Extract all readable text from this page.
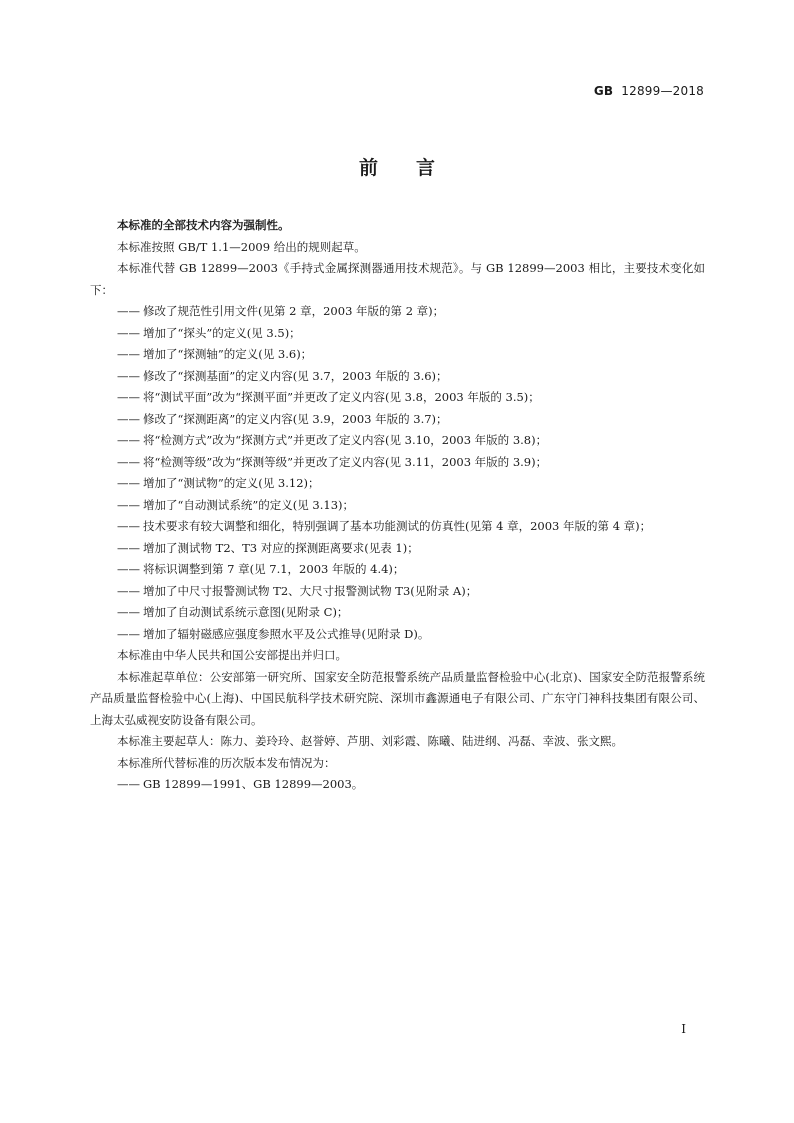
GB 12899—2018
前 言

本标准的全部技术内容为强制性。

本标准按照 GB/T 1.1—2009 给出的规则起草。

本标准代替 GB 12899—2003《手持式金属探测器通用技术规范》。与 GB 12899—2003 相比，主要技术变化如下：

—— 修改了规范性引用文件(见第 2 章，2003 年版的第 2 章)；

—— 增加了“探头”的定义(见 3.5)；

—— 增加了“探测轴”的定义(见 3.6)；

—— 修改了“探测基面”的定义内容(见 3.7，2003 年版的 3.6)；

—— 将“测试平面”改为“探测平面”并更改了定义内容(见 3.8，2003 年版的 3.5)；

—— 修改了“探测距离”的定义内容(见 3.9，2003 年版的 3.7)；

—— 将“检测方式”改为“探测方式”并更改了定义内容(见 3.10，2003 年版的 3.8)；

—— 将“检测等级”改为“探测等级”并更改了定义内容(见 3.11，2003 年版的 3.9)；

—— 增加了“测试物”的定义(见 3.12)；

—— 增加了“自动测试系统”的定义(见 3.13)；

—— 技术要求有较大调整和细化，特别强调了基本功能测试的仿真性(见第 4 章，2003 年版的第 4 章)；

—— 增加了测试物 T2、T3 对应的探测距离要求(见表 1)；

—— 将标识调整到第 7 章(见 7.1，2003 年版的 4.4)；

—— 增加了中尺寸报警测试物 T2、大尺寸报警测试物 T3(见附录 A)；

—— 增加了自动测试系统示意图(见附录 C)；

—— 增加了辐射磁感应强度参照水平及公式推导(见附录 D)。

本标准由中华人民共和国公安部提出并归口。

本标准起草单位：公安部第一研究所、国家安全防范报警系统产品质量监督检验中心(北京)、国家安全防范报警系统产品质量监督检验中心(上海)、中国民航科学技术研究院、深圳市鑫源通电子有限公司、广东守门神科技集团有限公司、上海太弘威视安防设备有限公司。

本标准主要起草人：陈力、姜玲玲、赵誉婷、芦朋、刘彩霞、陈曦、陆进纲、冯磊、幸波、张文熙。

本标准所代替标准的历次版本发布情况为：

—— GB 12899—1991、GB 12899—2003。

I
